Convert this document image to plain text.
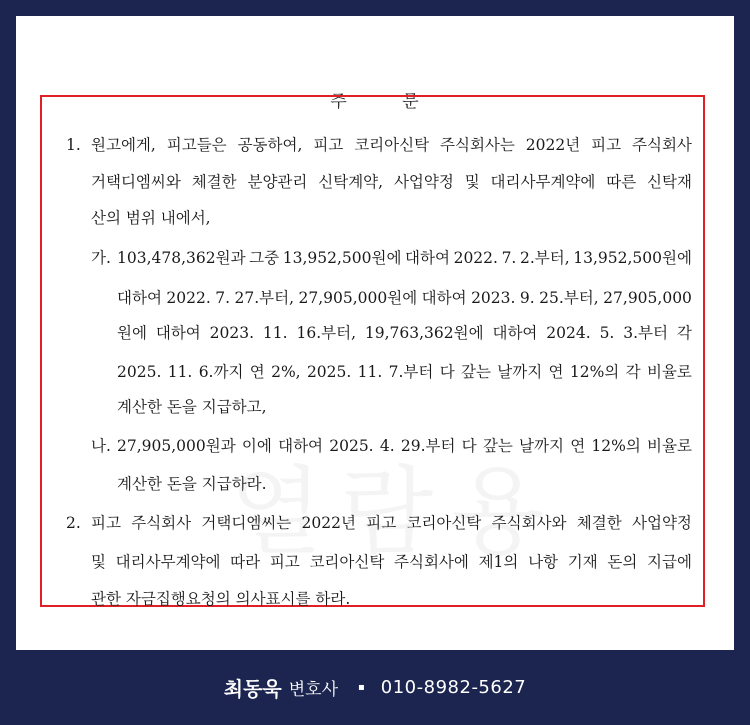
주 문
1. 원고에게, 피고들은 공동하여, 피고 코리아신탁 주식회사는 2022년 피고 주식회사
거택디엠씨와 체결한 분양관리 신탁계약, 사업약정 및 대리사무계약에 따른 신탁재
산의 범위 내에서,
가. 103,478,362원과 그중 13,952,500원에 대하여 2022. 7. 2.부터, 13,952,500원에
대하여 2022. 7. 27.부터, 27,905,000원에 대하여 2023. 9. 25.부터, 27,905,000
원에 대하여 2023. 11. 16.부터, 19,763,362원에 대하여 2024. 5. 3.부터 각
2025. 11. 6.까지 연 2%, 2025. 11. 7.부터 다 갚는 날까지 연 12%의 각 비율로
계산한 돈을 지급하고,
나. 27,905,000원과 이에 대하여 2025. 4. 29.부터 다 갚는 날까지 연 12%의 비율로
계산한 돈을 지급하라.
2. 피고 주식회사 거택디엠씨는 2022년 피고 코리아신탁 주식회사와 체결한 사업약정
및 대리사무계약에 따라 피고 코리아신탁 주식회사에 제1의 나항 기재 돈의 지급에
관한 자금집행요청의 의사표시를 하라.
최동욱 변호사 ▪ 010-8982-5627
